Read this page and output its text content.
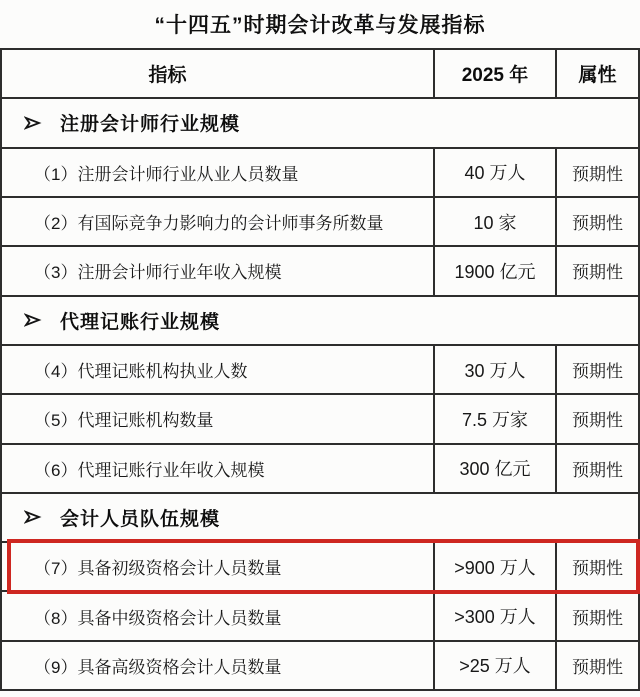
“十四五”时期会计改革与发展指标
指标	2025 年	属性
注册会计师行业规模
（1）注册会计师行业从业人员数量	40 万人	预期性
（2）有国际竞争力影响力的会计师事务所数量	10 家	预期性
（3）注册会计师行业年收入规模	1900 亿元	预期性
代理记账行业规模
（4）代理记账机构执业人数	30 万人	预期性
（5）代理记账机构数量	7.5 万家	预期性
（6）代理记账行业年收入规模	300 亿元	预期性
会计人员队伍规模
（7）具备初级资格会计人员数量	>900 万人	预期性
（8）具备中级资格会计人员数量	>300 万人	预期性
（9）具备高级资格会计人员数量	>25 万人	预期性
